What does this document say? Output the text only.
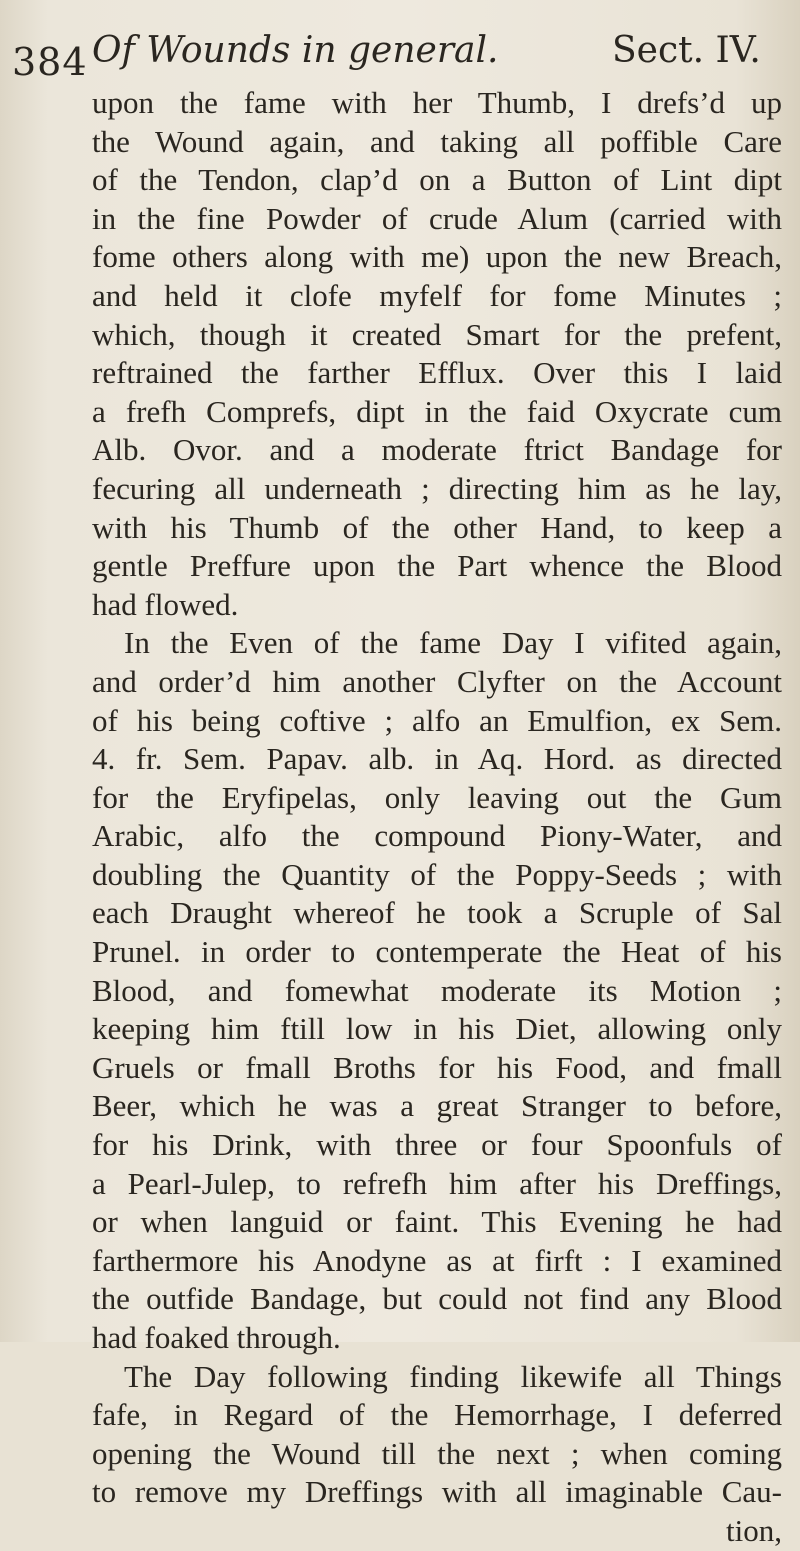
384 Of Wounds in general.	Sect. IV.
upon the fame with her Thumb, I drefs’d up
the Wound again, and taking all poffible Care
of the Tendon, clap’d on a Button of Lint dipt
in the fine Powder of crude Alum (carried with
fome others along with me) upon the new Breach,
and held it clofe myfelf for fome Minutes ;
which, though it created Smart for the prefent,
reftrained the farther Efflux. Over this I laid
a frefh Comprefs, dipt in the faid Oxycrate cum
Alb. Ovor. and a moderate ftrict Bandage for
fecuring all underneath ; directing him as he lay,
with his Thumb of the other Hand, to keep a
gentle Preffure upon the Part whence the Blood
had flowed.
In the Even of the fame Day I vifited again,
and order’d him another Clyfter on the Account
of his being coftive ; alfo an Emulfion, ex Sem.
4. fr. Sem. Papav. alb. in Aq. Hord. as directed
for the Eryfipelas, only leaving out the Gum
Arabic, alfo the compound Piony-Water, and
doubling the Quantity of the Poppy-Seeds ; with
each Draught whereof he took a Scruple of Sal
Prunel. in order to contemperate the Heat of his
Blood, and fomewhat moderate its Motion ;
keeping him ftill low in his Diet, allowing only
Gruels or fmall Broths for his Food, and fmall
Beer, which he was a great Stranger to before,
for his Drink, with three or four Spoonfuls of
a Pearl-Julep, to refrefh him after his Dreffings,
or when languid or faint. This Evening he had
farthermore his Anodyne as at firft : I examined
the outfide Bandage, but could not find any Blood
had foaked through.
The Day following finding likewife all Things
fafe, in Regard of the Hemorrhage, I deferred
opening the Wound till the next ; when coming
to remove my Dreffings with all imaginable Cau-
tion,
